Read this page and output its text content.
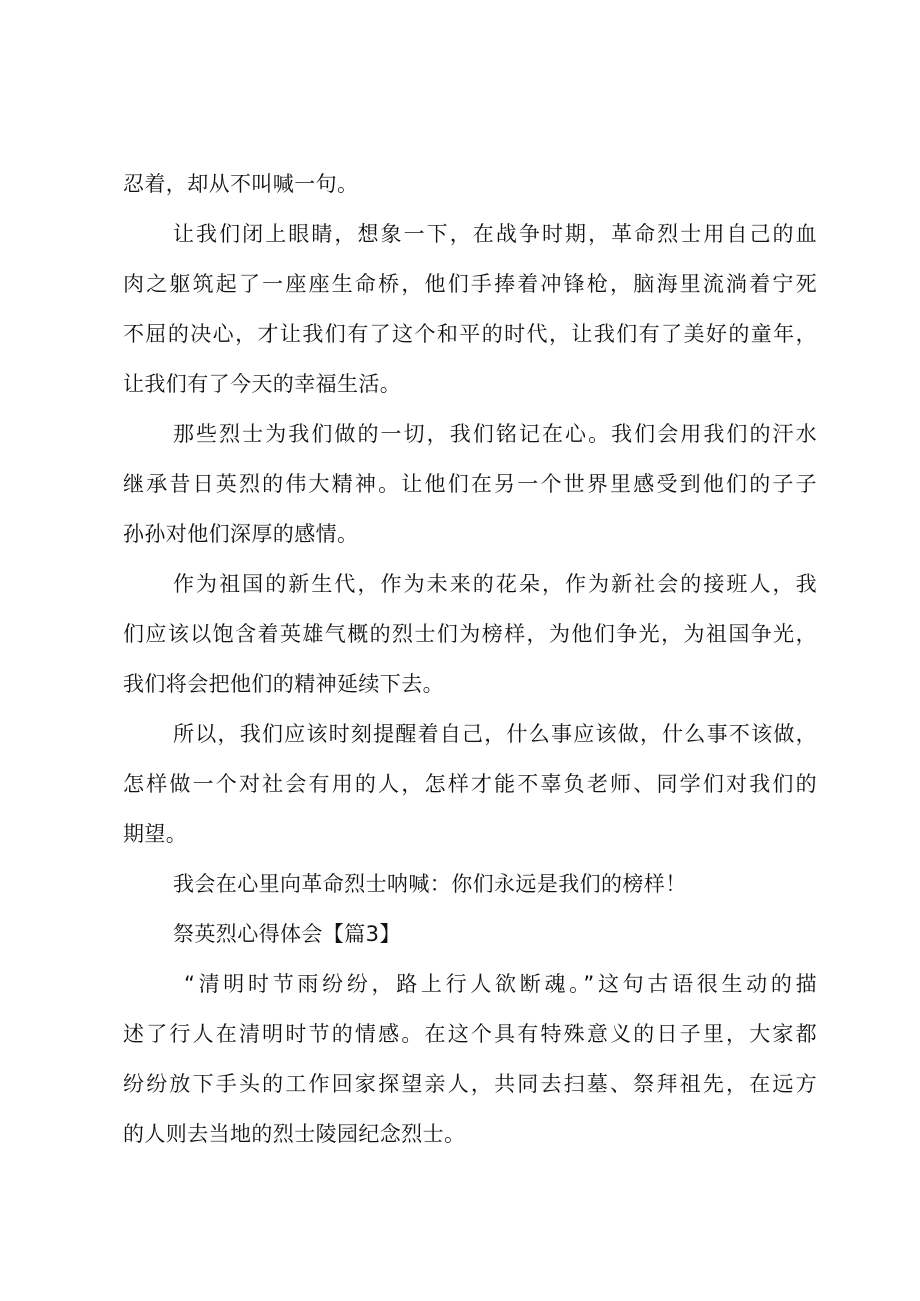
忍着，却从不叫喊一句。

让我们闭上眼睛，想象一下，在战争时期，革命烈士用自己的血

肉之躯筑起了一座座生命桥，他们手捧着冲锋枪，脑海里流淌着宁死

不屈的决心，才让我们有了这个和平的时代，让我们有了美好的童年，

让我们有了今天的幸福生活。

那些烈士为我们做的一切，我们铭记在心。我们会用我们的汗水

继承昔日英烈的伟大精神。让他们在另一个世界里感受到他们的子子

孙孙对他们深厚的感情。

作为祖国的新生代，作为未来的花朵，作为新社会的接班人，我

们应该以饱含着英雄气概的烈士们为榜样，为他们争光，为祖国争光，

我们将会把他们的精神延续下去。

所以，我们应该时刻提醒着自己，什么事应该做，什么事不该做，

怎样做一个对社会有用的人，怎样才能不辜负老师、同学们对我们的

期望。

我会在心里向革命烈士呐喊：你们永远是我们的榜样！

祭英烈心得体会【篇3】

“清明时节雨纷纷，路上行人欲断魂。”这句古语很生动的描

述了行人在清明时节的情感。在这个具有特殊意义的日子里，大家都

纷纷放下手头的工作回家探望亲人，共同去扫墓、祭拜祖先，在远方

的人则去当地的烈士陵园纪念烈士。
